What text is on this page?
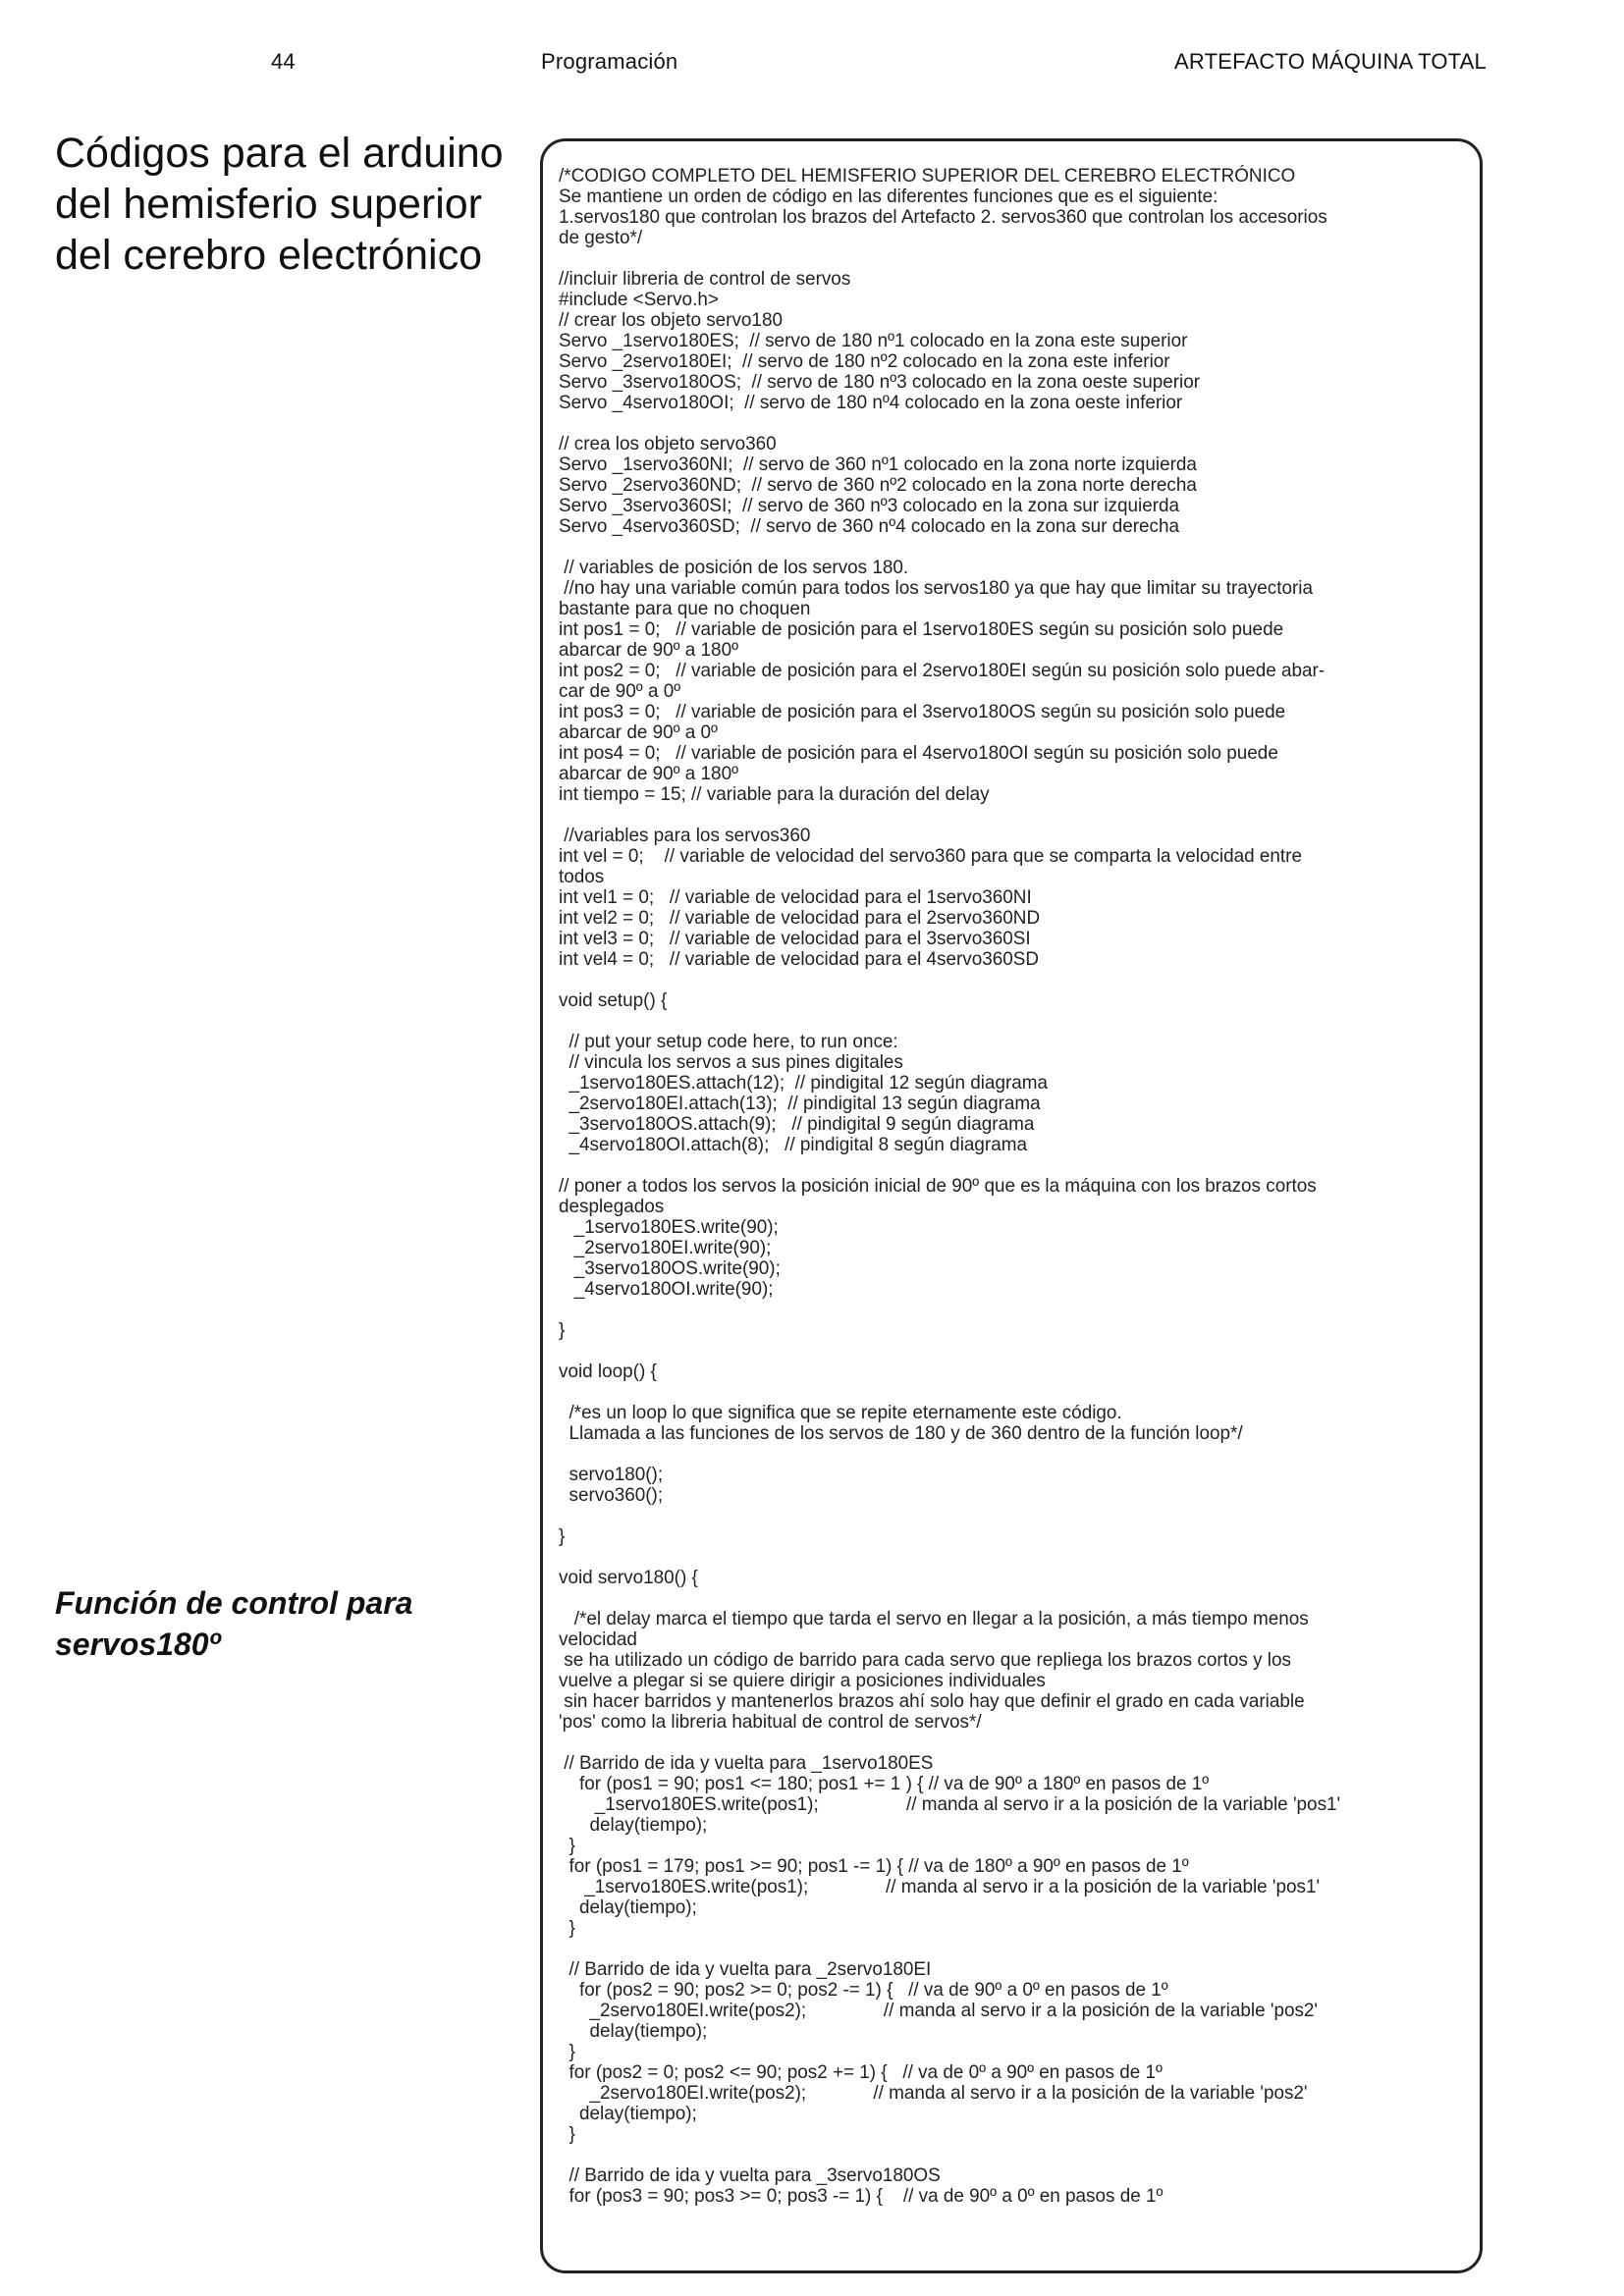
44	Programación	ARTEFACTO MÁQUINA TOTAL
Códigos para el arduino
del hemisferio superior
del cerebro electrónico
Función de control para
servos180º
/*CODIGO COMPLETO DEL HEMISFERIO SUPERIOR DEL CEREBRO ELECTRÓNICO
Se mantiene un orden de código en las diferentes funciones que es el siguiente:
1.servos180 que controlan los brazos del Artefacto 2. servos360 que controlan los accesorios
de gesto*/

//incluir libreria de control de servos
#include <Servo.h>
// crear los objeto servo180
Servo _1servo180ES;  // servo de 180 nº1 colocado en la zona este superior
Servo _2servo180EI;  // servo de 180 nº2 colocado en la zona este inferior
Servo _3servo180OS;  // servo de 180 nº3 colocado en la zona oeste superior
Servo _4servo180OI;  // servo de 180 nº4 colocado en la zona oeste inferior

// crea los objeto servo360
Servo _1servo360NI;  // servo de 360 nº1 colocado en la zona norte izquierda
Servo _2servo360ND;  // servo de 360 nº2 colocado en la zona norte derecha
Servo _3servo360SI;  // servo de 360 nº3 colocado en la zona sur izquierda
Servo _4servo360SD;  // servo de 360 nº4 colocado en la zona sur derecha

// variables de posición de los servos 180.
//no hay una variable común para todos los servos180 ya que hay que limitar su trayectoria
bastante para que no choquen
int pos1 = 0;   // variable de posición para el 1servo180ES según su posición solo puede
abarcar de 90º a 180º
int pos2 = 0;   // variable de posición para el 2servo180EI según su posición solo puede abar-
car de 90º a 0º
int pos3 = 0;   // variable de posición para el 3servo180OS según su posición solo puede
abarcar de 90º a 0º
int pos4 = 0;   // variable de posición para el 4servo180OI según su posición solo puede
abarcar de 90º a 180º
int tiempo = 15; // variable para la duración del delay

//variables para los servos360
int vel = 0;    // variable de velocidad del servo360 para que se comparta la velocidad entre
todos
int vel1 = 0;   // variable de velocidad para el 1servo360NI
int vel2 = 0;   // variable de velocidad para el 2servo360ND
int vel3 = 0;   // variable de velocidad para el 3servo360SI
int vel4 = 0;   // variable de velocidad para el 4servo360SD

void setup() {

// put your setup code here, to run once:
// vincula los servos a sus pines digitales
_1servo180ES.attach(12);  // pindigital 12 según diagrama
_2servo180EI.attach(13);  // pindigital 13 según diagrama
_3servo180OS.attach(9);   // pindigital 9 según diagrama
_4servo180OI.attach(8);   // pindigital 8 según diagrama

// poner a todos los servos la posición inicial de 90º que es la máquina con los brazos cortos
desplegados
_1servo180ES.write(90);
_2servo180EI.write(90);
_3servo180OS.write(90);
_4servo180OI.write(90);

}

void loop() {

/*es un loop lo que significa que se repite eternamente este código.
Llamada a las funciones de los servos de 180 y de 360 dentro de la función loop*/

servo180();
servo360();

}

void servo180() {

/*el delay marca el tiempo que tarda el servo en llegar a la posición, a más tiempo menos
velocidad
se ha utilizado un código de barrido para cada servo que repliega los brazos cortos y los
vuelve a plegar si se quiere dirigir a posiciones individuales
sin hacer barridos y mantenerlos brazos ahí solo hay que definir el grado en cada variable
'pos' como la libreria habitual de control de servos*/

// Barrido de ida y vuelta para _1servo180ES
for (pos1 = 90; pos1 <= 180; pos1 += 1 ) { // va de 90º a 180º en pasos de 1º
_1servo180ES.write(pos1);                 // manda al servo ir a la posición de la variable 'pos1'
delay(tiempo);
}
for (pos1 = 179; pos1 >= 90; pos1 -= 1) { // va de 180º a 90º en pasos de 1º
_1servo180ES.write(pos1);               // manda al servo ir a la posición de la variable 'pos1'
delay(tiempo);
}

// Barrido de ida y vuelta para _2servo180EI
for (pos2 = 90; pos2 >= 0; pos2 -= 1) {   // va de 90º a 0º en pasos de 1º
_2servo180EI.write(pos2);               // manda al servo ir a la posición de la variable 'pos2'
delay(tiempo);
}
for (pos2 = 0; pos2 <= 90; pos2 += 1) {   // va de 0º a 90º en pasos de 1º
_2servo180EI.write(pos2);             // manda al servo ir a la posición de la variable 'pos2'
delay(tiempo);
}

// Barrido de ida y vuelta para _3servo180OS
for (pos3 = 90; pos3 >= 0; pos3 -= 1) {    // va de 90º a 0º en pasos de 1º
